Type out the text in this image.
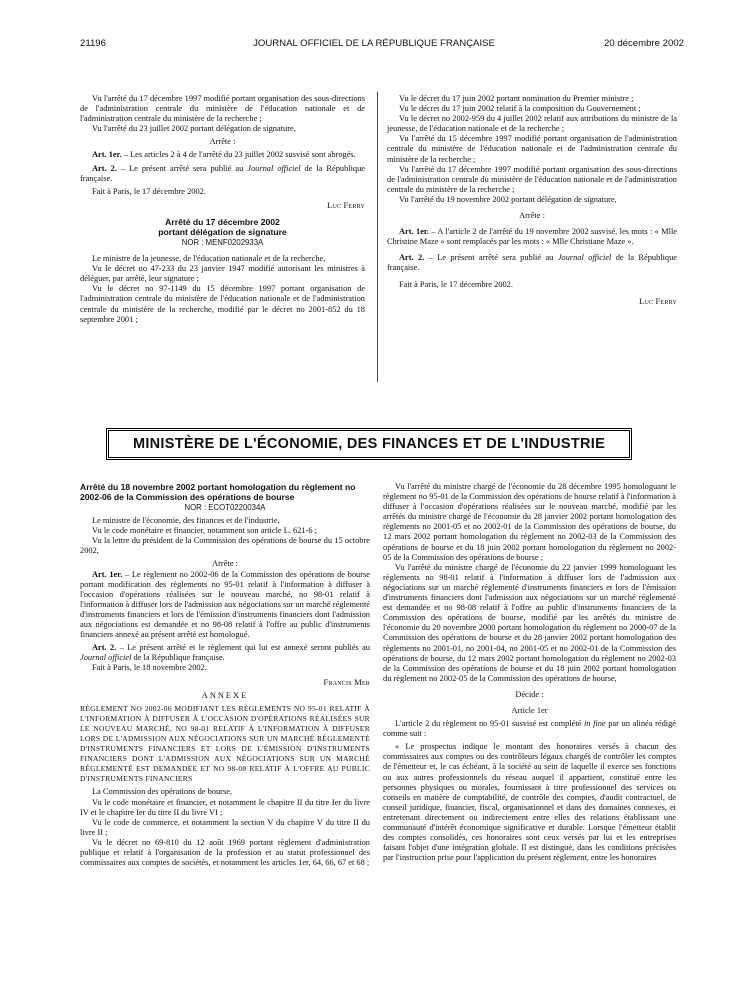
21196	JOURNAL OFFICIEL DE LA RÉPUBLIQUE FRANÇAISE	20 décembre 2002

Vu l'arrêté du 17 décembre 1997 modifié portant organisation des sous-directions de l'administration centrale du ministère de l'éducation nationale et de l'administration centrale du ministère de la recherche ;

Vu l'arrêté du 23 juillet 2002 portant délégation de signature,

Arrête :

Art. 1er. – Les articles 2 à 4 de l'arrêté du 23 juillet 2002 susvisé sont abrogés.

Art. 2. – Le présent arrêté sera publié au Journal officiel de la République française.

Fait à Paris, le 17 décembre 2002.

Luc Ferry

Arrêté du 17 décembre 2002

portant délégation de signature

NOR : MENF0202933A

Le ministre de la jeunesse, de l'éducation nationale et de la recherche,

Vu le décret no 47-233 du 23 janvier 1947 modifié autorisant les ministres à déléguer, par arrêté, leur signature ;

Vu le décret no 97-1149 du 15 décembre 1997 portant organisation de l'administration centrale du ministère de l'éducation nationale et de l'administration centrale du ministère de la recherche, modifié par le décret no 2001-852 du 18 septembre 2001 ;

Vu le décret du 17 juin 2002 portant nomination du Premier ministre ;

Vu le décret du 17 juin 2002 relatif à la composition du Gouvernement ;

Vu le décret no 2002-959 du 4 juillet 2002 relatif aux attributions du ministre de la jeunesse, de l'éducation nationale et de la recherche ;

Vu l'arrêté du 15 décembre 1997 modifié portant organisation de l'administration centrale du ministère de l'éducation nationale et de l'administration centrale du ministère de la recherche ;

Vu l'arrêté du 17 décembre 1997 modifié portant organisation des sous-directions de l'administration centrale du ministère de l'éducation nationale et de l'administration centrale du ministère de la recherche ;

Vu l'arrêté du 19 novembre 2002 portant délégation de signature,

Arrête :

Art. 1er. – A l'article 2 de l'arrêté du 19 novembre 2002 susvisé, les mots : « Mlle Christine Maze » sont remplacés par les mots : « Mlle Christiane Maze ».

Art. 2. – Le présent arrêté sera publié au Journal officiel de la République française.

Fait à Paris, le 17 décembre 2002.

Luc Ferry

MINISTÈRE DE L'ÉCONOMIE, DES FINANCES ET DE L'INDUSTRIE

Arrêté du 18 novembre 2002 portant homologation du règlement no 2002-06 de la Commission des opérations de bourse

NOR : ECOT0220034A

Le ministre de l'économie, des finances et de l'industrie,

Vu le code monétaire et financier, notamment son article L. 621-6 ;

Vu la lettre du président de la Commission des opérations de bourse du 15 octobre 2002,

Arrête :

Art. 1er. – Le règlement no 2002-06 de la Commission des opérations de bourse portant modification des règlements no 95-01 relatif à l'information à diffuser à l'occasion d'opérations réalisées sur le nouveau marché, no 98-01 relatif à l'information à diffuser lors de l'admission aux négociations sur un marché réglementé d'instruments financiers et lors de l'émission d'instruments financiers dont l'admission aux négociations est demandée et no 98-08 relatif à l'offre au public d'instruments financiers annexé au présent arrêté est homologué.

Art. 2. – Le présent arrêté et le règlement qui lui est annexé seront publiés au Journal officiel de la République française.

Fait à Paris, le 18 novembre 2002.

Francis Mer

ANNEXE

RÈGLEMENT NO 2002-06 MODIFIANT LES RÈGLEMENTS NO 95-01 RELATIF À L'INFORMATION À DIFFUSER À L'OCCASION D'OPÉRATIONS RÉALISÉES SUR LE NOUVEAU MARCHÉ, NO 98-01 RELATIF À L'INFORMATION À DIFFUSER LORS DE L'ADMISSION AUX NÉGOCIATIONS SUR UN MARCHÉ RÉGLEMENTÉ D'INSTRUMENTS FINANCIERS ET LORS DE L'ÉMISSION D'INSTRUMENTS FINANCIERS DONT L'ADMISSION AUX NÉGOCIATIONS SUR UN MARCHÉ RÉGLEMENTÉ EST DEMANDÉE ET NO 98-08 RELATIF À L'OFFRE AU PUBLIC D'INSTRUMENTS FINANCIERS

La Commission des opérations de bourse,

Vu le code monétaire et financier, et notamment le chapitre II du titre Ier du livre IV et le chapitre Ier du titre II du livre VI ;

Vu le code de commerce, et notamment la section V du chapitre V du titre II du livre II ;

Vu le décret no 69-810 du 12 août 1969 portant règlement d'administration publique et relatif à l'organisation de la profession et au statut professionnel des commissaires aux comptes de sociétés, et notamment les articles 1er, 64, 66, 67 et 68 ;

Vu l'arrêté du ministre chargé de l'économie du 28 décembre 1995 homologuant le règlement no 95-01 de la Commission des opérations de bourse relatif à l'information à diffuser à l'occasion d'opérations réalisées sur le nouveau marché, modifié par les arrêtés du ministre chargé de l'économie du 28 janvier 2002 portant homologation des règlements no 2001-05 et no 2002-01 de la Commission des opérations de bourse, du 12 mars 2002 portant homologation du règlement no 2002-03 de la Commission des opérations de bourse et du 18 juin 2002 portant homologation du règlement no 2002-05 de la Commission des opérations de bourse ;

Vu l'arrêté du ministre chargé de l'économie du 22 janvier 1999 homologuant les règlements no 98-01 relatif à l'information à diffuser lors de l'admission aux négociations sur un marché réglementé d'instruments financiers et lors de l'émission d'instruments financiers dont l'admission aux négociations sur un marché réglementé est demandée et no 98-08 relatif à l'offre au public d'instruments financiers de la Commission des opérations de bourse, modifié par les arrêtés du ministre de l'économie du 20 novembre 2000 portant homologation du règlement no 2000-07 de la Commission des opérations de bourse et du 28 janvier 2002 portant homologation des règlements no 2001-01, no 2001-04, no 2001-05 et no 2002-01 de la Commission des opérations de bourse, du 12 mars 2002 portant homologation du règlement no 2002-03 de la Commission des opérations de bourse et du 18 juin 2002 portant homologation du règlement no 2002-05 de la Commission des opérations de bourse,

Décide :

Article 1er

L'article 2 du règlement no 95-01 susvisé est complété in fine par un alinéa rédigé comme suit :

« Le prospectus indique le montant des honoraires versés à chacun des commissaires aux comptes ou des contrôleurs légaux chargés de contrôler les comptes de l'émetteur et, le cas échéant, à la société au sein de laquelle il exerce ses fonctions ou aux autres professionnels du réseau auquel il appartient, constitué entre les personnes physiques ou morales, fournissant à titre professionnel des services ou conseils en matière de comptabilité, de contrôle des comptes, d'audit contractuel, de conseil juridique, financier, fiscal, organisationnel et dans des domaines connexes, et entretenant directement ou indirectement entre elles des relations établissant une communauté d'intérêt économique significative et durable. Lorsque l'émetteur établit des comptes consolidés, ces honoraires sont ceux versés par lui et les entreprises faisant l'objet d'une intégration globale. Il est distingué, dans les conditions précisées par l'instruction prise pour l'application du présent règlement, entre les honoraires
